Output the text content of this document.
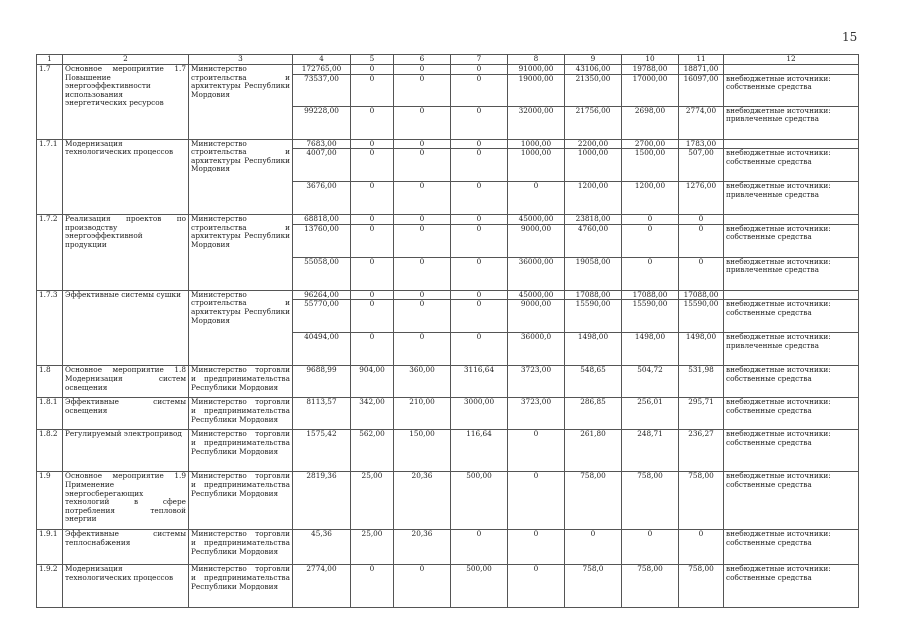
15
1	2	3	4	5	6	7	8	9	10	11	12
1.7	Основное мероприятие 1.7 Повышение энергоэффективности использования энергетических ресурсов	Министерство строительства и архитектуры Республики Мордовия	172765,00	0	0	0	91000,00	43106,00	19788,00	18871,00	
			73537,00	0	0	0	19000,00	21350,00	17000,00	16097,00	внебюджетные источники: собственные средства
			99228,00	0	0	0	32000,00	21756,00	2698,00	2774,00	внебюджетные источники: привлеченные средства
1.7.1	Модернизация технологических процессов	Министерство строительства и архитектуры Республики Мордовия	7683,00	0	0	0	1000,00	2200,00	2700,00	1783,00	
			4007,00	0	0	0	1000,00	1000,00	1500,00	507,00	внебюджетные источники: собственные средства
			3676,00	0	0	0	0	1200,00	1200,00	1276,00	внебюджетные источники: привлеченные средства
1.7.2	Реализация проектов по производству энергоэффективной продукции	Министерство строительства и архитектуры Республики Мордовия	68818,00	0	0	0	45000,00	23818,00	0	0	
			13760,00	0	0	0	9000,00	4760,00	0	0	внебюджетные источники: собственные средства
			55058,00	0	0	0	36000,00	19058,00	0	0	внебюджетные источники: привлеченные средства
1.7.3	Эффективные системы сушки	Министерство строительства и архитектуры Республики Мордовия	96264,00	0	0	0	45000,00	17088,00	17088,00	17088,00	
			55770,00	0	0	0	9000,00	15590,00	15590,00	15590,00	внебюджетные источники: собственные средства
			40494,00	0	0	0	36000,0	1498,00	1498,00	1498,00	внебюджетные источники: привлеченные средства
1.8	Основное мероприятие 1.8 Модернизация систем освещения	Министерство торговли и предпринимательства Республики Мордовия	9688,99	904,00	360,00	3116,64	3723,00	548,65	504,72	531,98	внебюджетные источники: собственные средства
1.8.1	Эффективные системы освещения	Министерство торговли и предпринимательства Республики Мордовия	8113,57	342,00	210,00	3000,00	3723,00	286,85	256,01	295,71	внебюджетные источники: собственные средства
1.8.2	Регулируемый электропривод	Министерство торговли и предпринимательства Республики Мордовия	1575,42	562,00	150,00	116,64	0	261,80	248,71	236,27	внебюджетные источники: собственные средства
1.9	Основное мероприятие 1.9 Применение энергосберегающих технологий в сфере потребления тепловой энергии	Министерство торговли и предпринимательства Республики Мордовия	2819,36	25,00	20,36	500,00	0	758,00	758,00	758,00	внебюджетные источники: собственные средства
1.9.1	Эффективные системы теплоснабжения	Министерство торговли и предпринимательства Республики Мордовия	45,36	25,00	20,36	0	0	0	0	0	внебюджетные источники: собственные средства
1.9.2	Модернизация технологических процессов	Министерство торговли и предпринимательства Республики Мордовия	2774,00	0	0	500,00	0	758,0	758,00	758,00	внебюджетные источники: собственные средства
